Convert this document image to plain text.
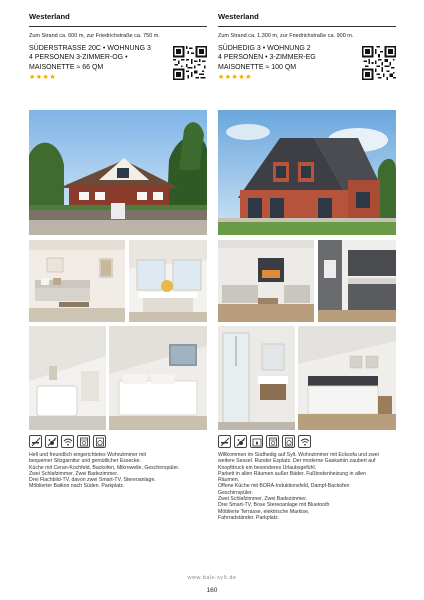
Westerland
Zum Strand ca. 600 m, zur Friedrichstraße ca. 750 m.
SÜDERSTRASSE 20C • WOHNUNG 3
4 PERSONEN 3-ZIMMER-OG •
MAISONETTE ≈ 66 QM
★★★★
Hell und freundlich eingerichtetes Wohnzimmer mit
bequemer Sitzgarnitur und gemütlicher Essecke.
Küche mit Ceran-Kochfeld, Backofen, Mikrowelle, Geschirrspüler.
Zwei Schlafzimmer. Zwei Badezimmer.
Drei Flachbild-TV, davon zwei Smart-TV, Stereoanlage.
Möblierter Balkon nach Süden. Parkplatz.
Westerland
Zum Strand ca. 1.300 m, zur Friedrichstraße ca. 900 m.
SÜDHEDIG 3 • WOHNUNG 2
4 PERSONEN • 3-ZIMMER-EG
MAISONETTE ≈ 100 QM
★★★★★
Willkommen im Südhedig auf Sylt. Wohnzimmer mit Ecksofa und zwei
weitere Sessel. Runder Esplatz. Der moderne Gaskamin zaubert auf
Knopfdruck ein besonderes Urlaubsgefühl.
Parkett in allen Räumen außer Bäder. Fußbodenheizung in allen
Räumen.
Offene Küche mit BORA-Induktionsfeld, Dampf-Backofen
Geschirrspüler.
Zwei Schlafzimmer. Zwei Badezimmer.
Drei Smart-TV, Bose Stereoanlage mit Bluetooth
Möblierte Terrasse, elektrische Markise,
Fahrradständer. Parkplatz.
www.bals-sylt.de
160
